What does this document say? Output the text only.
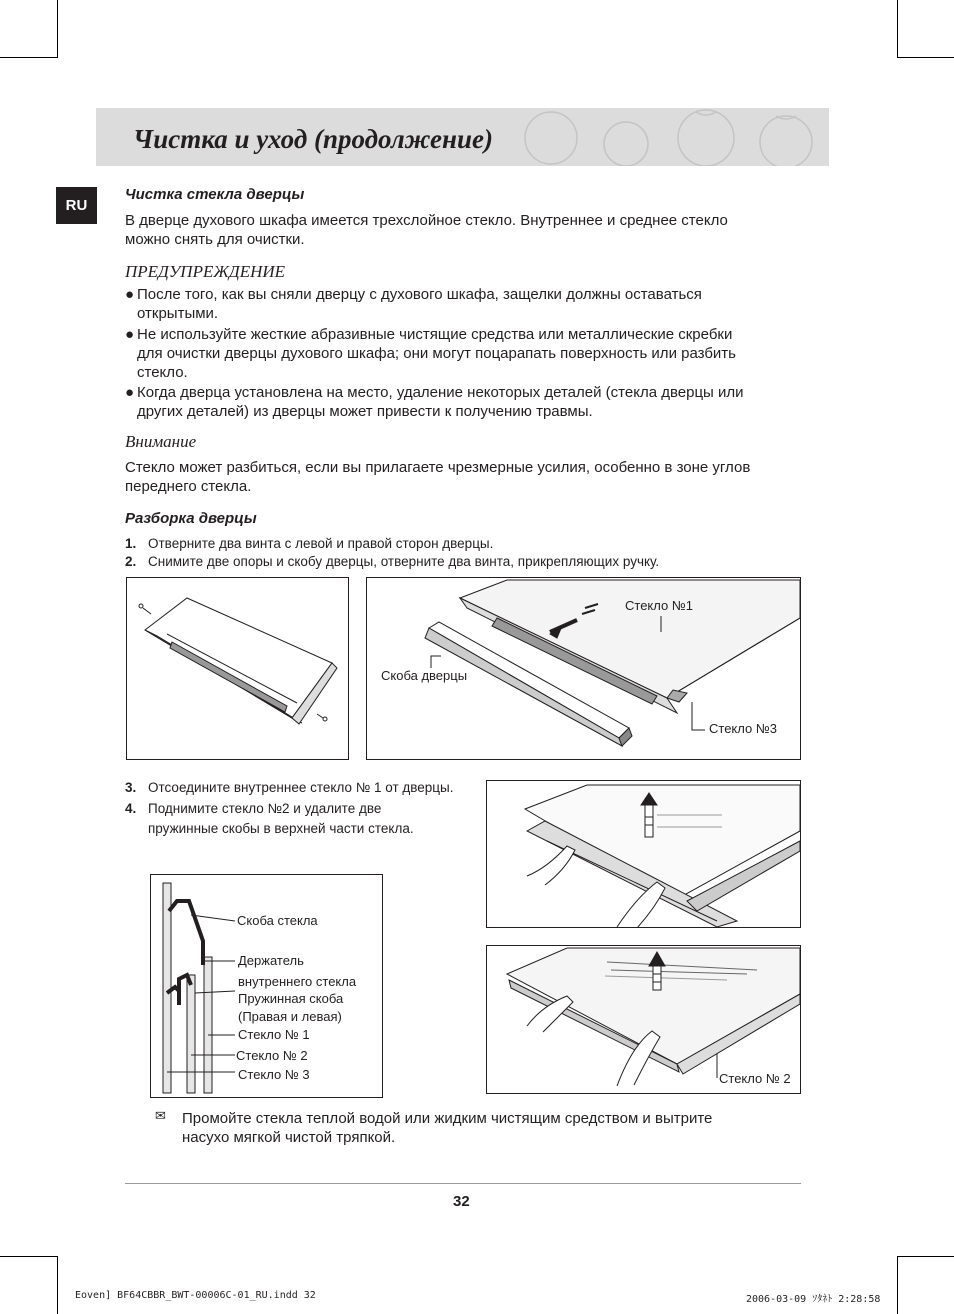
Чистка и уход (продолжение)
RU
Чистка стекла дверцы
В дверце духового шкафа имеется трехслойное стекло. Внутреннее и среднее стекло
можно снять для очистки.
ПРЕДУПРЕЖДЕНИЕ
● После того, как вы сняли дверцу с духового шкафа, защелки должны оставаться
открытыми.
● Не используйте жесткие абразивные чистящие средства или металлические скребки
для очистки дверцы духового шкафа; они могут поцарапать поверхность или разбить
стекло.
● Когда дверца установлена на место, удаление некоторых деталей (стекла дверцы или
других деталей) из дверцы может привести к получению травмы.
Внимание
Стекло может разбиться, если вы прилагаете чрезмерные усилия, особенно в зоне углов
переднего стекла.
Разборка дверцы
1. Отверните два винта с левой и правой сторон дверцы.
2. Снимите две опоры и скобу дверцы, отверните два винта, прикрепляющих ручку.
Стекло №1
Скоба дверцы
Стекло №3
3. Отсоедините внутреннее стекло № 1 от дверцы.
4. Поднимите стекло №2 и удалите две
пружинные скобы в верхней части стекла.
Скоба стекла
Держатель
внутреннего стекла
Пружинная скоба
(Правая и левая)
Стекло № 1
Стекло № 2
Стекло № 3	Стекло № 2
✉ Промойте стекла теплой водой или жидким чистящим средством и вытрите
насухо мягкой чистой тряпкой.
32
Eoven] BF64CBBR_BWT-00006C-01_RU.indd 32	2006-03-09 ｿﾀﾈﾄ 2:28:58
